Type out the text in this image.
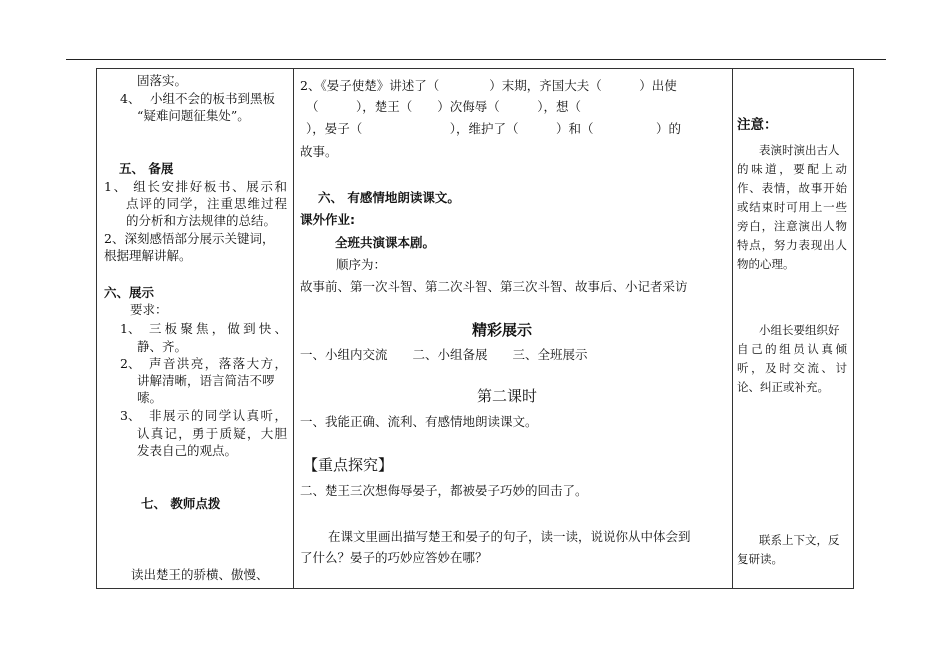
固落实。
4、 小组不会的板书到黑板
“疑难问题征集处”。
五、 备展
1、 组长安排好板书、展示和
点评的同学，注重思维过程
的分析和方法规律的总结。
2、深刻感悟部分展示关键词，
根据理解讲解。
六、展示
要求：
1、 三板聚焦，做到快、
静、齐。
2、 声音洪亮，落落大方，
讲解清晰，语言简洁不啰
嗦。
3、 非展示的同学认真听，
认真记，勇于质疑，大胆
发表自己的观点。
七、 教师点拨
读出楚王的骄横、傲慢、
2、《晏子使楚》讲述了（　　　　）末期，齐国大夫（　　　）出使
（　　　），楚王（　　）次侮辱（　　　），想（
），晏子（　　　　　　　），维护了（　　　）和（　　　　　）的
故事。
六、 有感情地朗读课文。
课外作业:
全班共演课本剧。
顺序为：
故事前、第一次斗智、第二次斗智、第三次斗智、故事后、小记者采访
精彩展示
一、小组内交流　　二、小组备展　　三、全班展示
第二课时
一、我能正确、流利、有感情地朗读课文。
【重点探究】
二、楚王三次想侮辱晏子，都被晏子巧妙的回击了。
在课文里画出描写楚王和晏子的句子，读一读，说说你从中体会到
了什么？晏子的巧妙应答妙在哪？
注意：
表演时演出古人
的味道，要配上动
作、表情，故事开始
或结束时可用上一些
旁白，注意演出人物
特点，努力表现出人
物的心理。
小组长要组织好
自己的组员认真倾
听，及时交流、讨
论、纠正或补充。
联系上下文，反
复研读。
